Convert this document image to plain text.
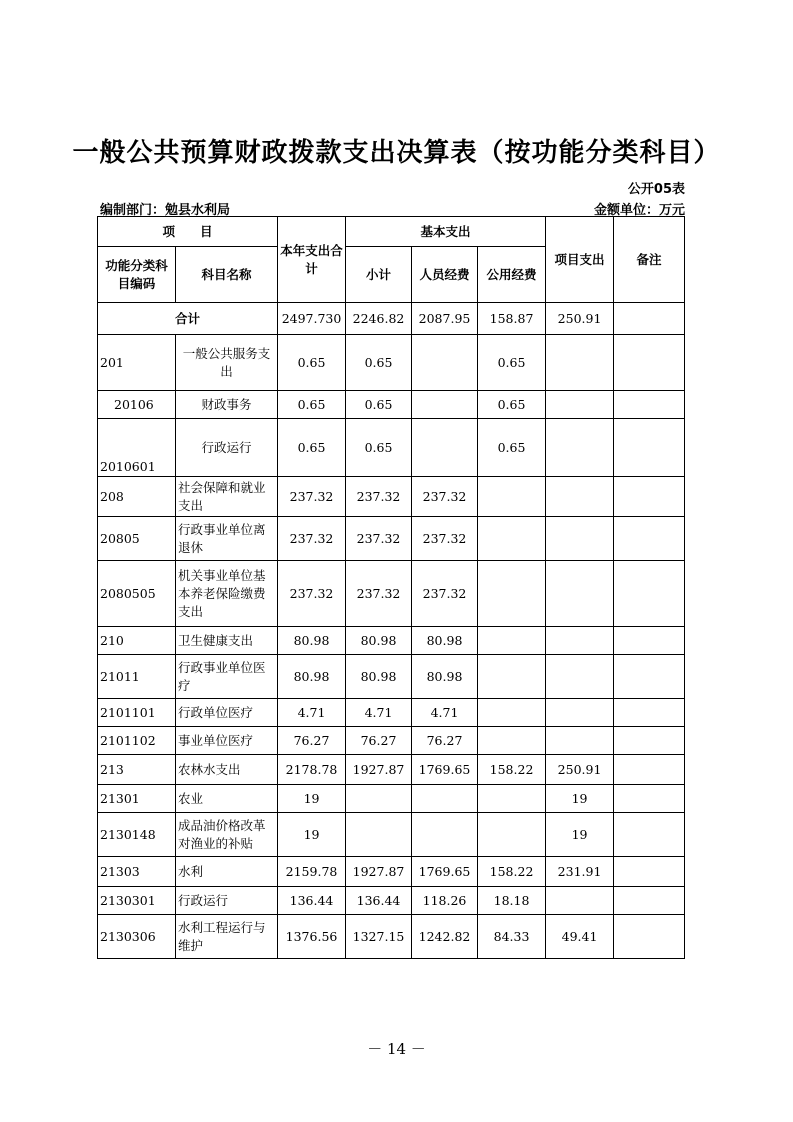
一般公共预算财政拨款支出决算表（按功能分类科目）
公开05表
编制部门：勉县水利局	金额单位：万元
项　　目		本年支出合计	基本支出			项目支出	备注
功能分类科目编码	科目名称		小计	人员经费	公用经费		
合计		2497.730	2246.82	2087.95	158.87	250.91	
201	一般公共服务支出	0.65	0.65		0.65		
20106	财政事务	0.65	0.65		0.65		
2010601	行政运行	0.65	0.65		0.65		
208	社会保障和就业支出	237.32	237.32	237.32			
20805	行政事业单位离退休	237.32	237.32	237.32			
2080505	机关事业单位基本养老保险缴费支出	237.32	237.32	237.32			
210	卫生健康支出	80.98	80.98	80.98			
21011	行政事业单位医疗	80.98	80.98	80.98			
2101101	行政单位医疗	4.71	4.71	4.71			
2101102	事业单位医疗	76.27	76.27	76.27			
213	农林水支出	2178.78	1927.87	1769.65	158.22	250.91	
21301	农业	19				19	
2130148	成品油价格改革对渔业的补贴	19				19	
21303	水利	2159.78	1927.87	1769.65	158.22	231.91	
2130301	行政运行	136.44	136.44	118.26	18.18		
2130306	水利工程运行与维护	1376.56	1327.15	1242.82	84.33	49.41	
－ 14 －
